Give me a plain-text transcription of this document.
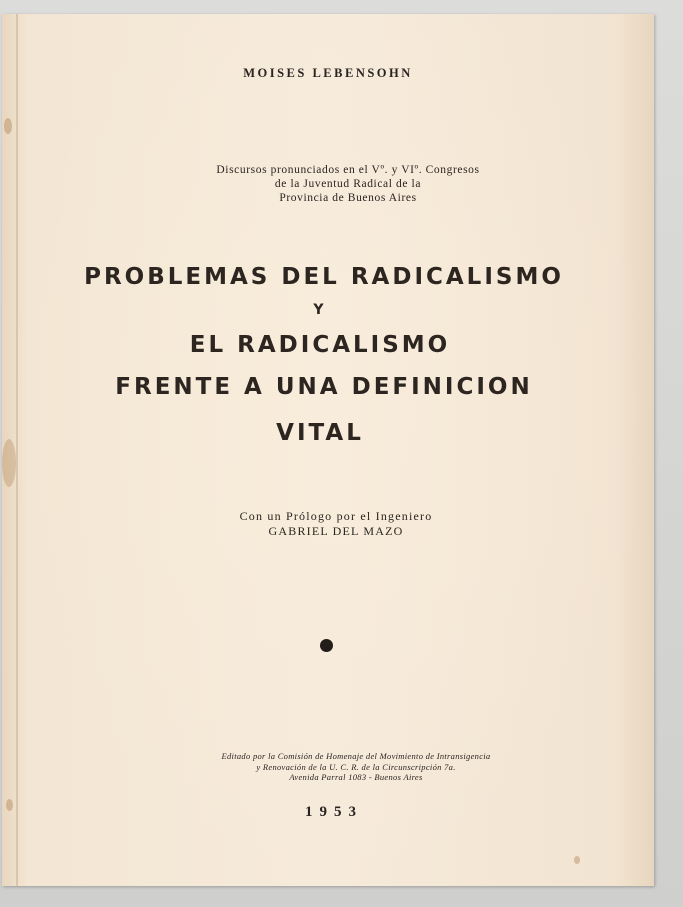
MOISES LEBENSOHN
Discursos pronunciados en el Vº. y VIº. Congresos
de la Juventud Radical de la
Provincia de Buenos Aires
PROBLEMAS DEL RADICALISMO
Y
EL RADICALISMO
FRENTE A UNA DEFINICION
VITAL
Con un Prólogo por el Ingeniero
GABRIEL DEL MAZO
Editado por la Comisión de Homenaje del Movimiento de Intransigencia
y Renovación de la U. C. R. de la Circunscripción 7a.
Avenida Parral 1083 - Buenos Aires
1953
